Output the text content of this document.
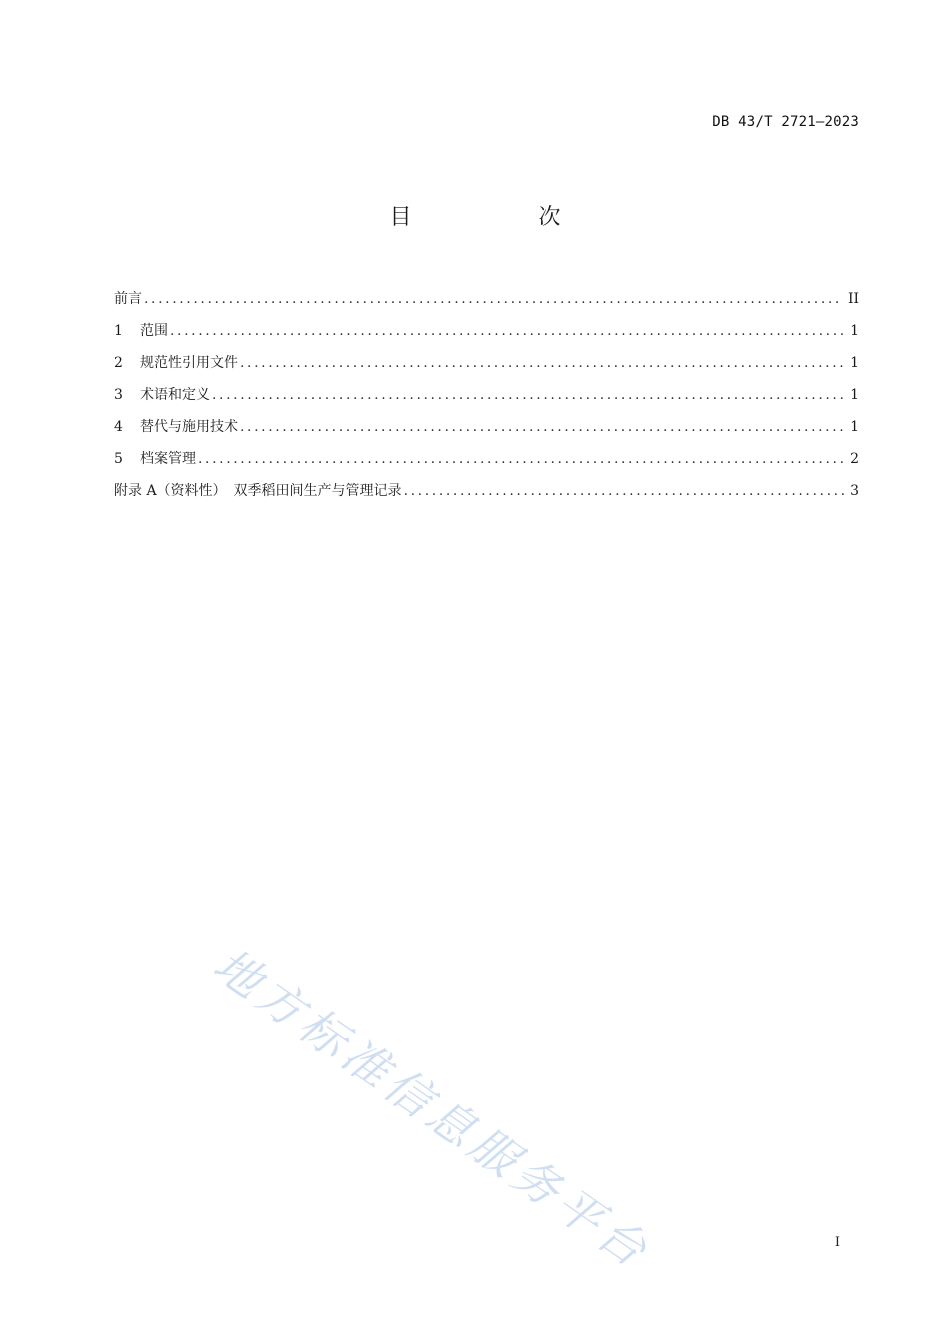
DB 43/T 2721—2023
目 次
前言 .....	II
1 范围 .....	1
2 规范性引用文件 .....	1
3 术语和定义 .....	1
4 替代与施用技术 .....	1
5 档案管理 .....	2
附录 A（资料性）　双季稻田间生产与管理记录 .....	3
地方标准信息服务平台	I
